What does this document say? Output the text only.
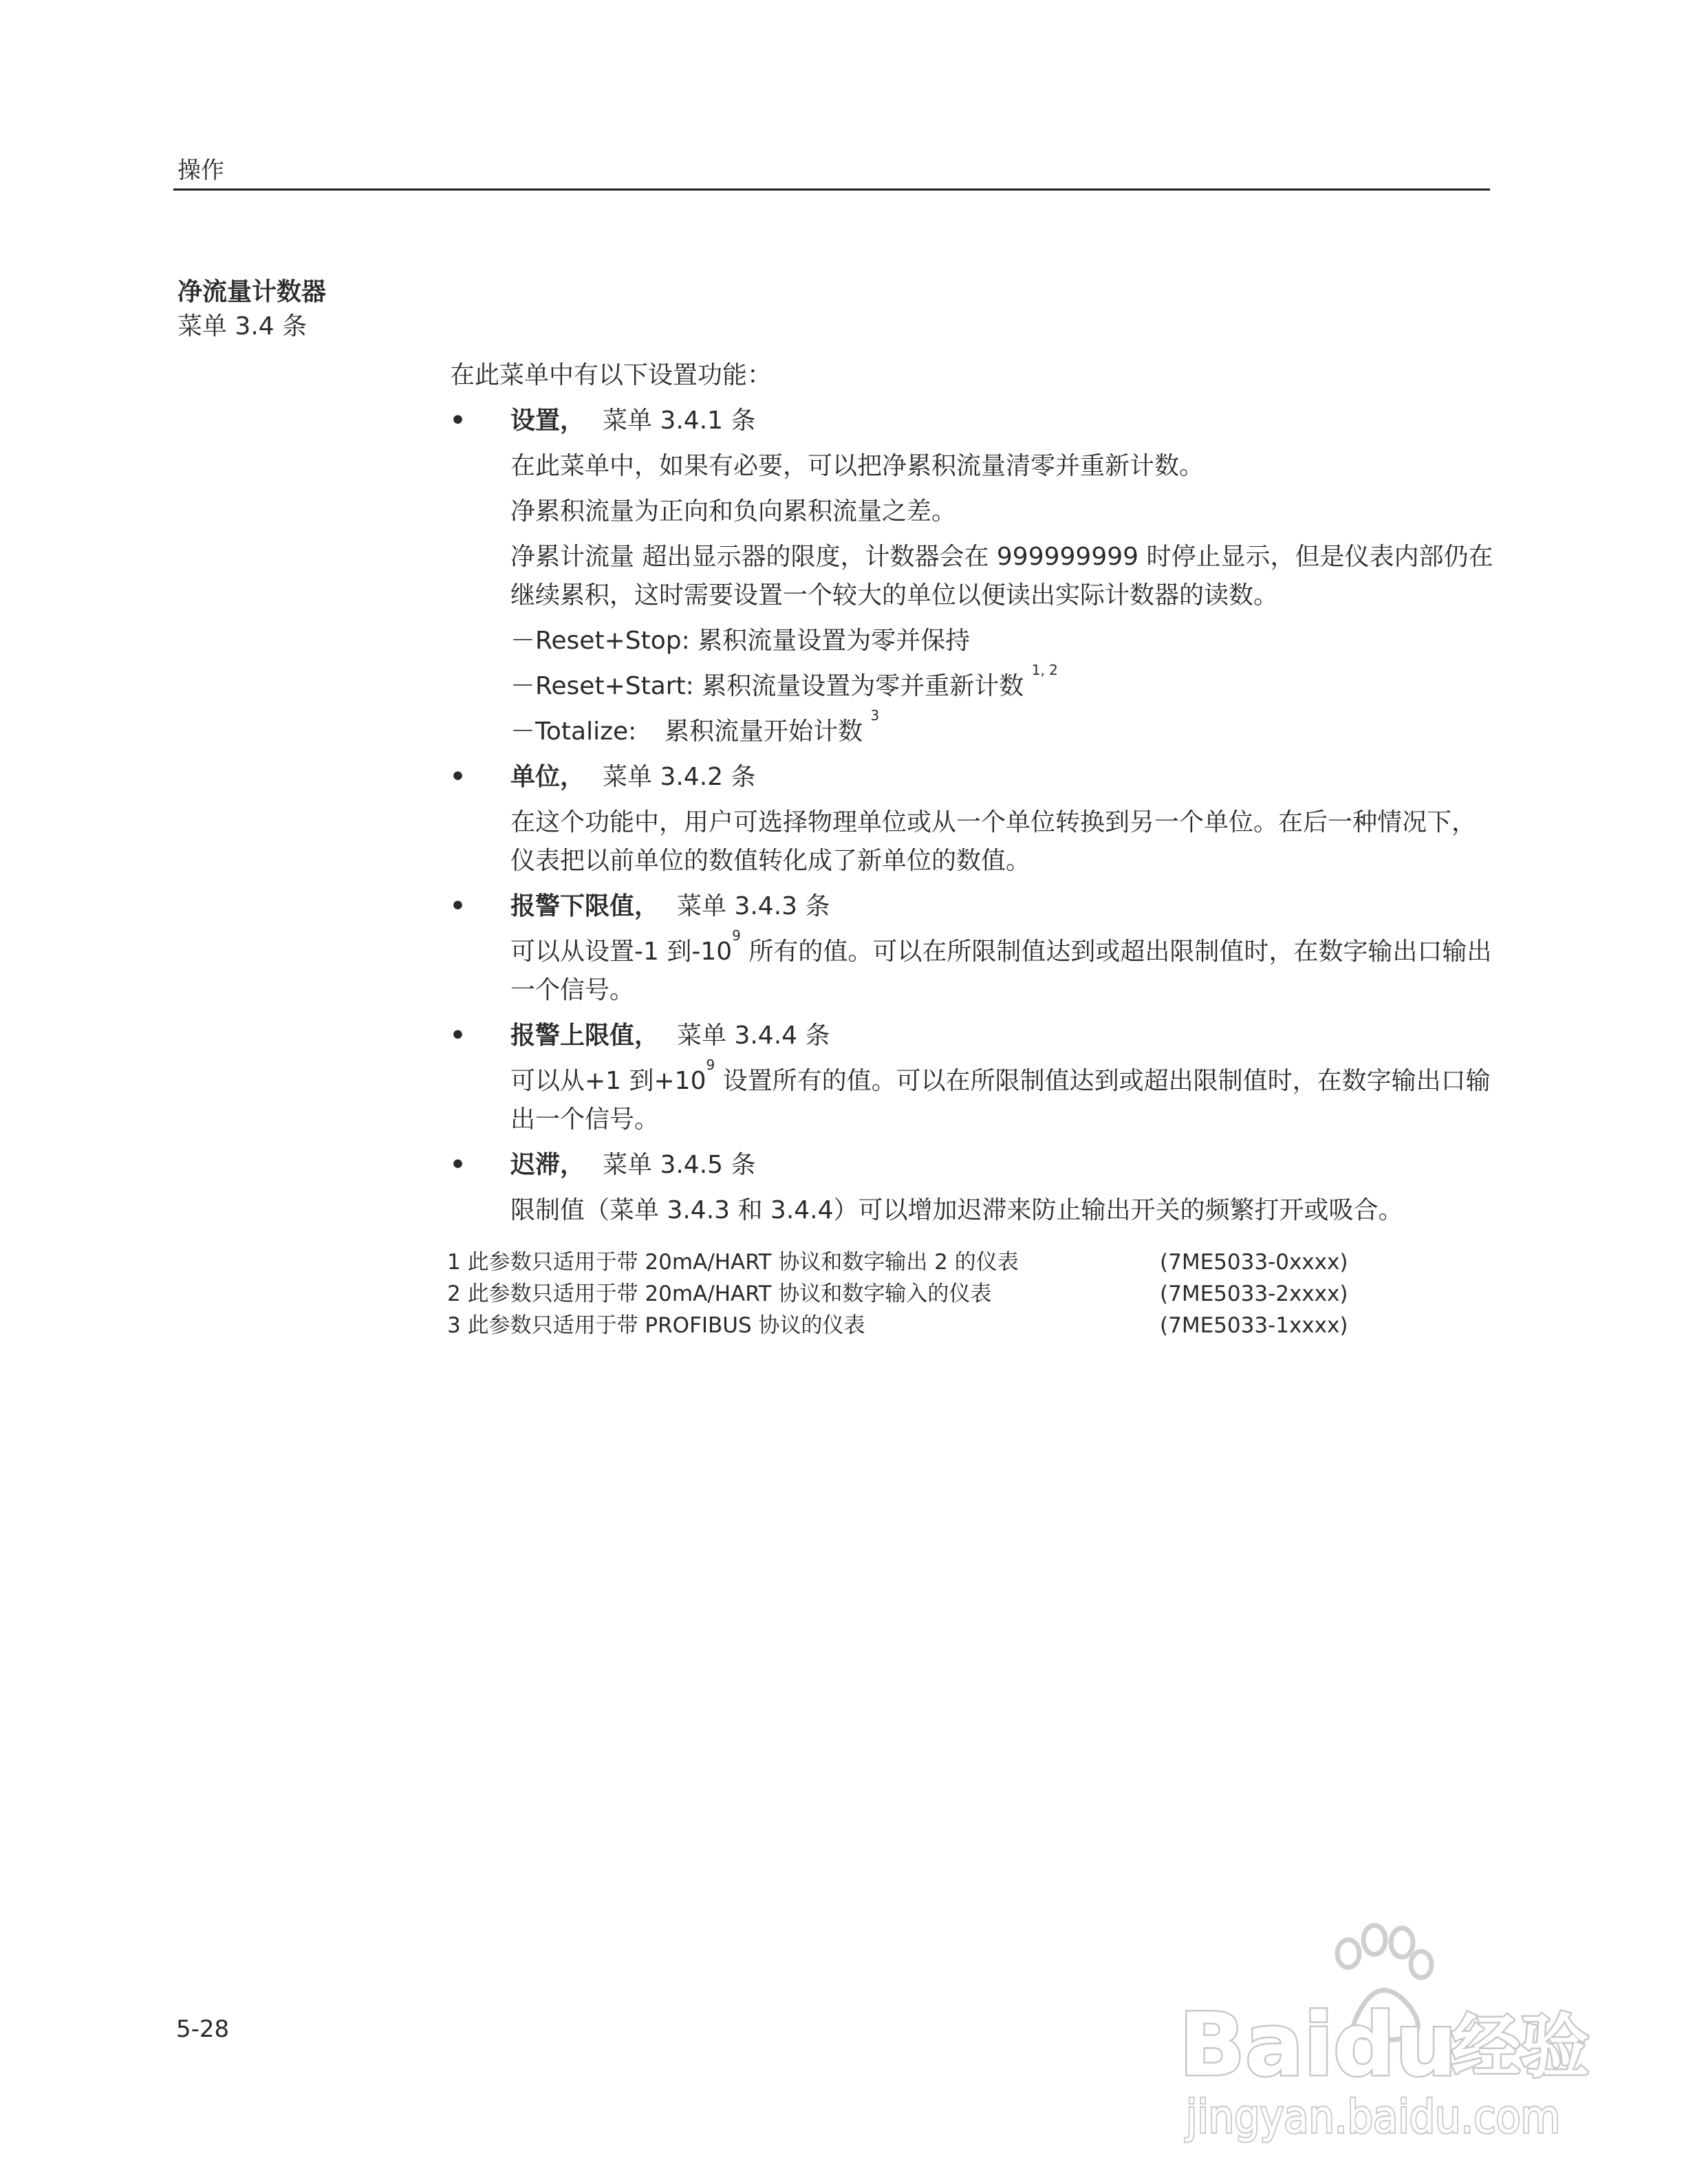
操作
净流量计数器
菜单 3.4 条
在此菜单中有以下设置功能：
•	设置， 菜单 3.4.1 条
在此菜单中，如果有必要，可以把净累积流量清零并重新计数。
净累积流量为正向和负向累积流量之差。
净累计流量 超出显示器的限度，计数器会在 999999999 时停止显示，但是仪表内部仍在继续累积，这时需要设置一个较大的单位以便读出实际计数器的读数。
－Reset+Stop: 累积流量设置为零并保持
－Reset+Start: 累积流量设置为零并重新计数 $^{1, 2}$
－Totalize: 累积流量开始计数 $^3$
•	单位， 菜单 3.4.2 条
在这个功能中，用户可选择物理单位或从一个单位转换到另一个单位。在后一种情况下，仪表把以前单位的数值转化成了新单位的数值。
•	报警下限值， 菜单 3.4.3 条
可以从设置-1 到$-10^9$ 所有的值。可以在所限制值达到或超出限制值时，在数字输出口输出一个信号。
•	报警上限值， 菜单 3.4.4 条
可以从+1 到$+10^9$ 设置所有的值。可以在所限制值达到或超出限制值时，在数字输出口输出一个信号。
•	迟滞， 菜单 3.4.5 条
限制值（菜单 3.4.3 和 3.4.4）可以增加迟滞来防止输出开关的频繁打开或吸合。
1 此参数只适用于带 20mA/HART 协议和数字输出 2 的仪表	(7ME5033-0xxxx)
2 此参数只适用于带 20mA/HART 协议和数字输入的仪表	(7ME5033-2xxxx)
3 此参数只适用于带 PROFIBUS 协议的仪表	(7ME5033-1xxxx)
5-28	Bai du
经验
jingyan.baidu.com
